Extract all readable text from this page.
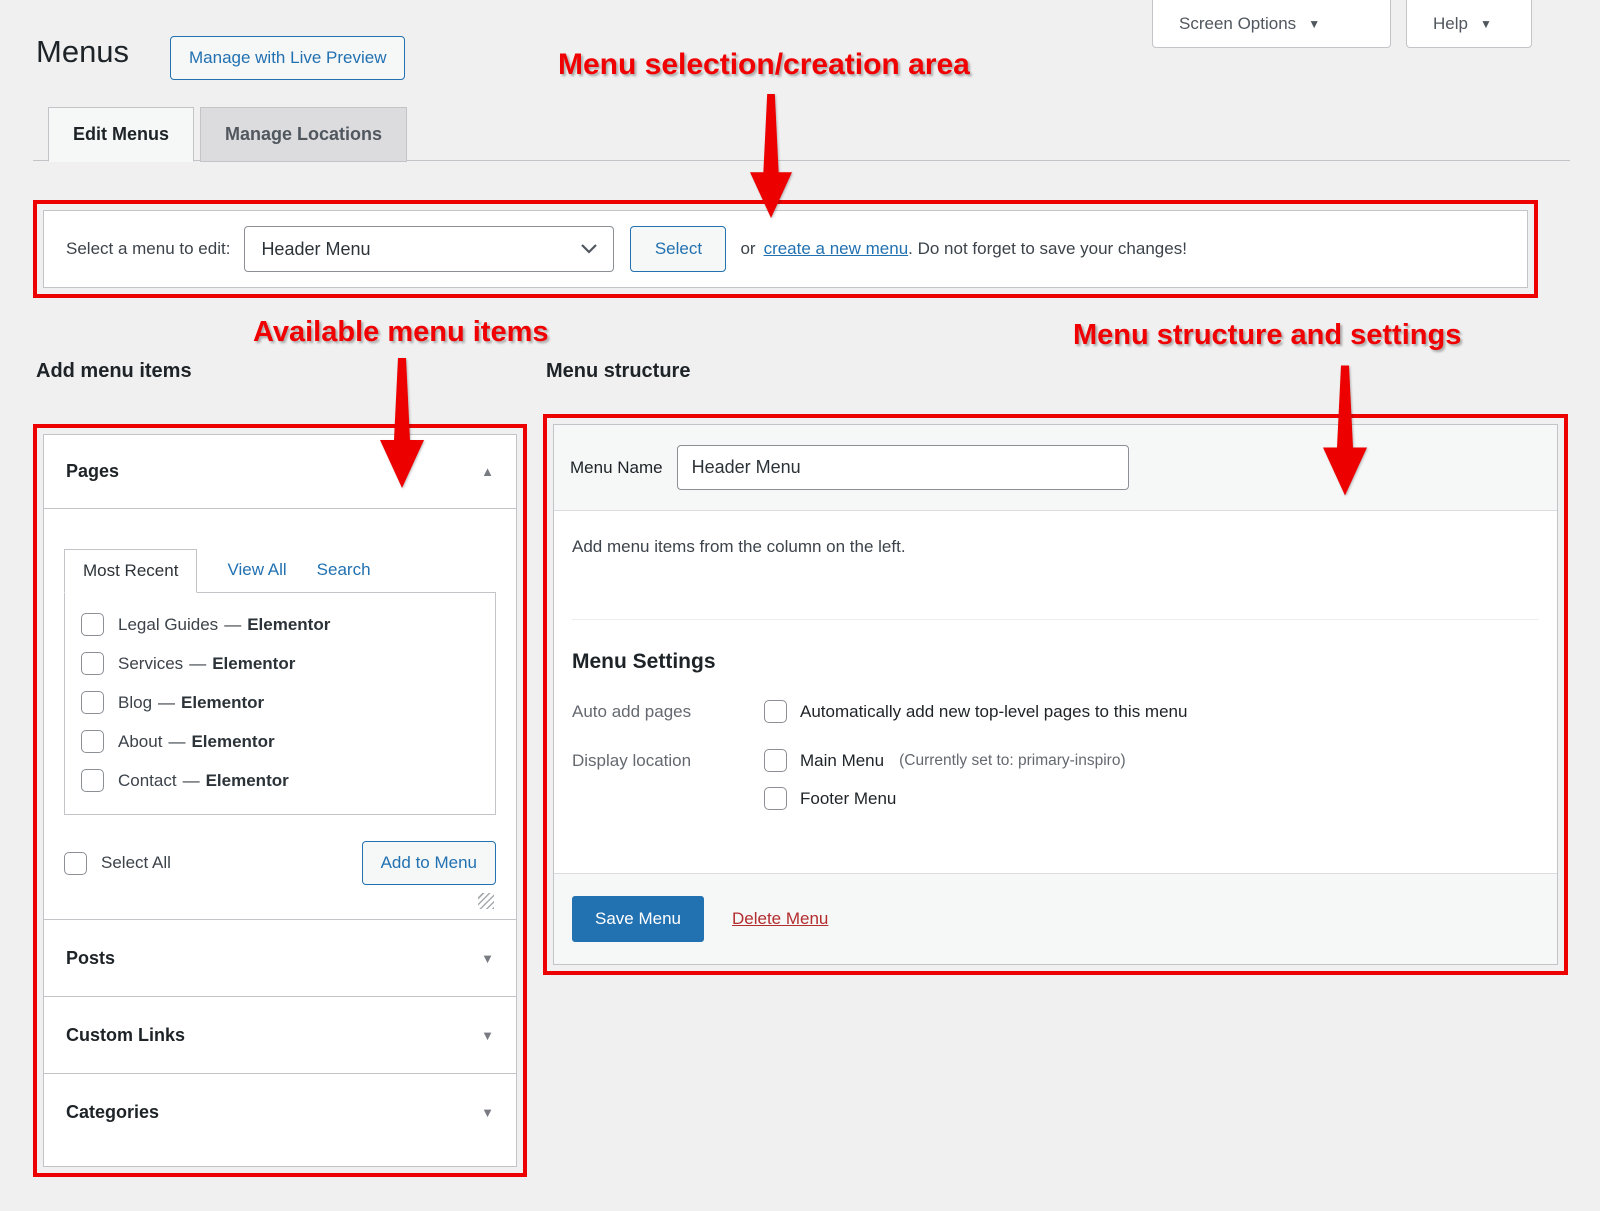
Menus	Manage with Live Preview
Screen Options ▼	Help ▼
Edit Menus	Manage Locations
Menu selection/creation area
Available menu items	Menu structure and settings
Select a menu to edit: Header Menu	Select	or create a new menu. Do not forget to save your changes!
Add menu items	Menu structure
Pages	▲
Most Recent	View All Search
Legal Guides — Elementor
Services — Elementor
Blog — Elementor
About — Elementor
Contact — Elementor
Select All	Add to Menu
Posts	▼
Custom Links	▼
Categories	▼
Menu Name
Header Menu
Add menu items from the column on the left.
Menu Settings
Auto add pages	Automatically add new top-level pages to this menu
Display location	Main Menu (Currently set to: primary-inspiro)
Footer Menu
Save Menu	Delete Menu
